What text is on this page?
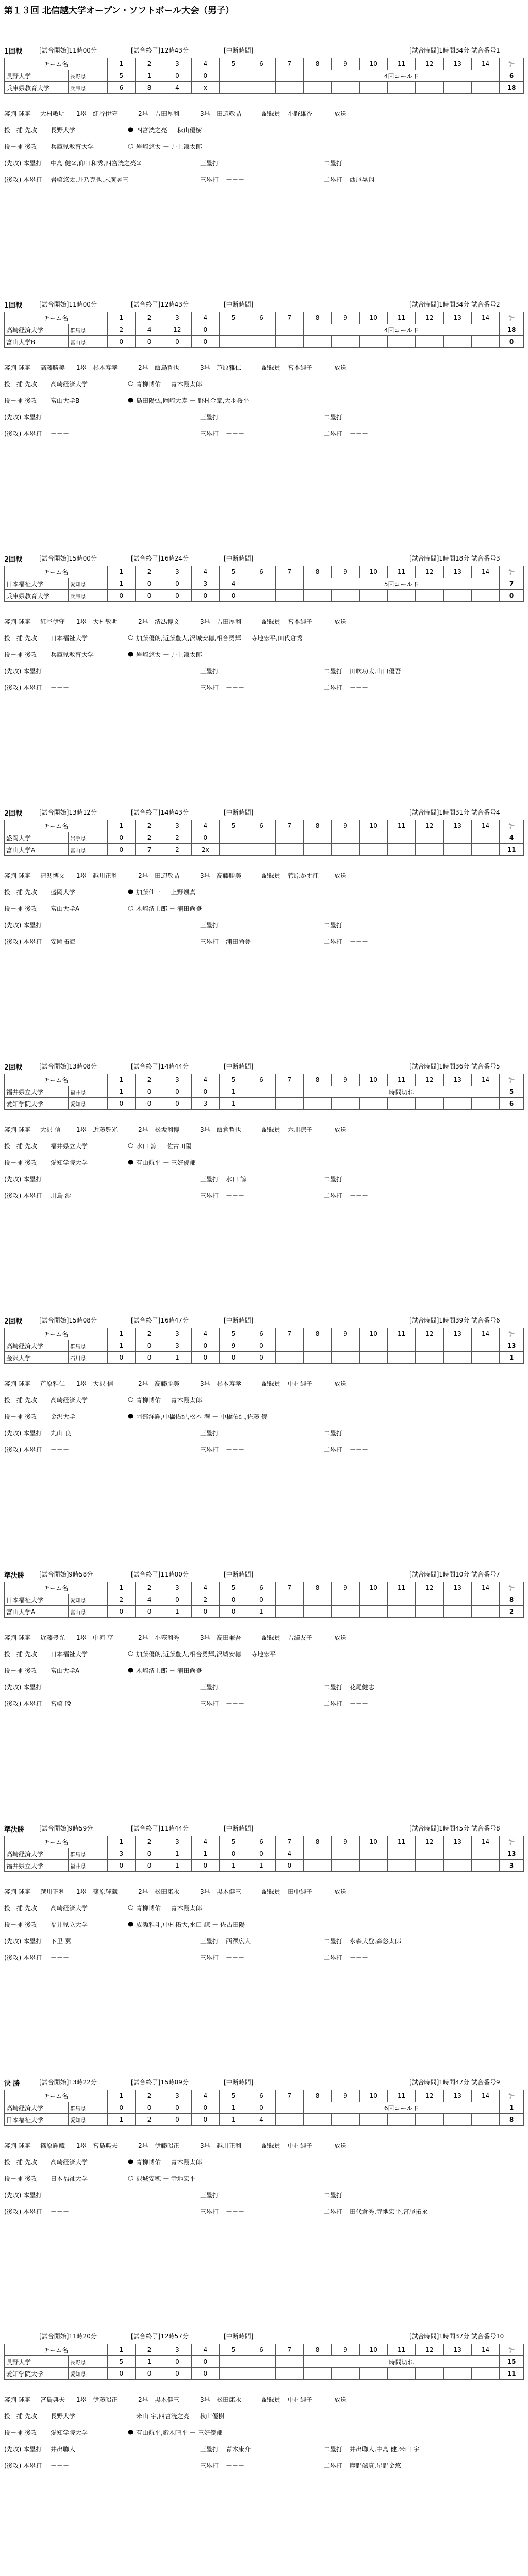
第１３回 北信越大学オープン・ソフトボール大会（男子）
1回戦	[試合開始]11時00分	[試合終了]12時43分	[中断時間]	[試合時間]1時間34分 試合番号1
チーム名		1	2	3	4	5	6	7	8	9	10	11	12	13	14	計
長野大学	長野県	5	1	0	0				4回コールド							6
兵庫県教育大学	兵庫県	6	8	4	x											18
審判 球審 大村敏明 1塁 紅谷伊守	2塁 吉田厚利	3塁 田辺敬晶	記録員 小野雄香	放送
投－捕 先攻 長野大学	● 四宮洸之亮 － 秋山優樹
投－捕 後攻 兵庫県教育大学	○ 岩崎悠太 － 井上凜太郎
(先攻) 本塁打 中島 健②,仰口和秀,四宮洸之亮②	三塁打 －－－	二塁打 －－－
(後攻) 本塁打 岩崎悠太,井乃克也,末廣晃三	三塁打 －－－	二塁打 西尾晃翔
1回戦	[試合開始]11時00分	[試合終了]12時43分	[中断時間]	[試合時間]1時間34分 試合番号2
チーム名		1	2	3	4	5	6	7	8	9	10	11	12	13	14	計
高崎経済大学	群馬県	2	4	12	0				4回コールド							18
富山大学B	富山県	0	0	0	0											0
審判 球審 高藤勝美 1塁 杉本寿孝	2塁 飯島哲也	3塁 芦原雅仁	記録員 宮本純子	放送
投－捕 先攻 高崎経済大学	○ 青柳博佑 － 青木翔太郎
投－捕 後攻 富山大学B	● 島田陽弘,岡崎大寿 － 野村金章,大羽桜平
(先攻) 本塁打 －－－	三塁打 －－－	二塁打 －－－
(後攻) 本塁打 －－－	三塁打 －－－	二塁打 －－－
2回戦	[試合開始]15時00分	[試合終了]16時24分	[中断時間]	[試合時間]1時間18分 試合番号3
チーム名		1	2	3	4	5	6	7	8	9	10	11	12	13	14	計
日本福祉大学	愛知県	1	0	0	3	4			5回コールド							7
兵庫県教育大学	兵庫県	0	0	0	0	0										0
審判 球審 紅谷伊守 1塁 大村敏明	2塁 清馮博文	3塁 吉田厚利	記録員 宮本純子	放送
投－捕 先攻 日本福祉大学	○ 加藤優朗,近藤豊人,沢城安穂,相合勇輝 － 寺地宏平,田代倉秀
投－捕 後攻 兵庫県教育大学	● 岩崎悠太 － 井上凜太郎
(先攻) 本塁打 －－－	三塁打 －－－	二塁打 田吹功太,山口優吾
(後攻) 本塁打 －－－	三塁打 －－－	二塁打 －－－
2回戦	[試合開始]13時12分	[試合終了]14時43分	[中断時間]	[試合時間]1時間31分 試合番号4
チーム名		1	2	3	4	5	6	7	8	9	10	11	12	13	14	計
盛岡大学	岩手県	0	2	2	0											4
富山大学A	富山県	0	7	2	2x											11
審判 球審 清馮博文 1塁 越川正利	2塁 田辺敬晶	3塁 高藤勝美	記録員 菅原かず江 放送
投－捕 先攻 盛岡大学	● 加藤仙一 － 上野颯真
投－捕 後攻 富山大学A	○ 木崎清士郎 － 浦田尚登
(先攻) 本塁打 －－－	三塁打 －－－	二塁打 －－－
(後攻) 本塁打 安岡拓海	三塁打 浦田尚登	二塁打 －－－
2回戦	[試合開始]13時08分	[試合終了]14時44分	[中断時間]	[試合時間]1時間36分 試合番号5
チーム名		1	2	3	4	5	6	7	8	9	10	11	12	13	14	計
福井県立大学	福井県	1	0	0	0	1			時間切れ							5
愛知学院大学	愛知県	0	0	0	3	1										6
審判 球審 大沢 信	1塁 近藤豊光	2塁 松坂利博	3塁 飯倉哲也	記録員 六川涼子	放送
投－捕 先攻 福井県立大学	○ 水口 諒 － 佐古田陽
投－捕 後攻 愛知学院大学	● 有山航平 － 三好優郁
(先攻) 本塁打 －－－	三塁打 水口 諒	二塁打 －－－
(後攻) 本塁打 川島 渉	三塁打 －－－	二塁打 －－－
2回戦	[試合開始]15時08分	[試合終了]16時47分	[中断時間]	[試合時間]1時間39分 試合番号6
チーム名		1	2	3	4	5	6	7	8	9	10	11	12	13	14	計
高崎経済大学	群馬県	1	0	3	0	9	0									13
金沢大学	石川県	0	0	1	0	0	0									1
審判 球審 芦原雅仁 1塁 大沢 信	2塁 高藤勝美	3塁 杉本寿孝	記録員 中村純子	放送
投－捕 先攻 高崎経済大学	○ 青柳博佑 － 青木翔太郎
投－捕 後攻 金沢大学	● 阿部洋輝,中橋佑紀,松本 淘 － 中橋佑紀,佐藤 優
(先攻) 本塁打 丸山 良	三塁打 －－－	二塁打 －－－
(後攻) 本塁打 －－－	三塁打 －－－	二塁打 －－－
準決勝 [試合開始]9時58分	[試合終了]11時00分	[中断時間]	[試合時間]1時間10分 試合番号7
チーム名		1	2	3	4	5	6	7	8	9	10	11	12	13	14	計
日本福祉大学	愛知県	2	4	0	2	0	0									8
富山大学A	富山県	0	0	1	0	0	1									2
審判 球審 近藤豊光 1塁 中河 亨	2塁 小笠利秀	3塁 高田兼吾	記録員 吉澤友子	放送
投－捕 先攻 日本福祉大学	○ 加藤優朗,近藤豊人,相合勇輝,沢城安穂 － 寺地宏平
投－捕 後攻 富山大学A	● 木崎清士郎 － 浦田尚登
(先攻) 本塁打 －－－	三塁打 －－－	二塁打 花尾健志
(後攻) 本塁打 宮崎 晩	三塁打 －－－	二塁打 －－－
準決勝 [試合開始]9時59分	[試合終了]11時44分	[中断時間]	[試合時間]1時間45分 試合番号8
チーム名		1	2	3	4	5	6	7	8	9	10	11	12	13	14	計
高崎経済大学	群馬県	3	0	1	1	0	0	4								13
福井県立大学	福井県	0	0	1	0	1	1	0								3
審判 球審 越川正利 1塁 篠原輝藏	2塁 松田康永	3塁 黒木健三	記録員 田中純子	放送
投－捕 先攻 高崎経済大学	○ 青柳博佑 － 青木翔太郎
投－捕 後攻 福井県立大学	● 成瀬雅斗,中村拓大,水口 諒 － 佐古田陽
(先攻) 本塁打 下里 翼	三塁打 西澤広大	二塁打 永森大登,森悠太郎
(後攻) 本塁打 －－－	三塁打 －－－	二塁打 －－－
決 勝	[試合開始]13時22分	[試合終了]15時09分	[中断時間]	[試合時間]1時間47分 試合番号9
チーム名		1	2	3	4	5	6	7	8	9	10	11	12	13	14	計
高崎経済大学	群馬県	0	0	0	0	1	0		6回コールド							1
日本福祉大学	愛知県	1	2	0	0	1	4									8
審判 球審 篠原輝藏 1塁 宮島典夫	2塁 伊藤昭正	3塁 越川正利	記録員 中村純子	放送
投－捕 先攻 高崎経済大学	● 青柳博佑 － 青木翔太郎
投－捕 後攻 日本福祉大学	○ 沢城安穂 － 寺地宏平
(先攻) 本塁打 －－－	三塁打 －－－	二塁打 －－－
(後攻) 本塁打 －－－	三塁打 －－－	二塁打 田代倉秀,寺地宏平,宮尾拓永
[試合開始]11時20分	[試合終了]12時57分	[中断時間]	[試合時間]1時間37分 試合番号10
チーム名		1	2	3	4	5	6	7	8	9	10	11	12	13	14	計
長野大学	長野県	5	1	0	0				時間切れ							15
愛知学院大学	愛知県	0	0	0	0											11
審判 球審 宮島典夫 1塁 伊藤昭正	2塁 黒木健三	3塁 松田康永	記録員 中村純子	放送
投－捕 先攻 長野大学	米山 宇,四宮洸之亮 － 秋山優樹
投－捕 後攻 愛知学院大学	● 有山航平,鈴木晴平 － 三好優郁
(先攻) 本塁打 井出聯人	三塁打 青木康介	二塁打 井出聯人,中島 健,米山 宇
(後攻) 本塁打 －－－	三塁打 －－－	二塁打 摩野颯真,星野金悠
